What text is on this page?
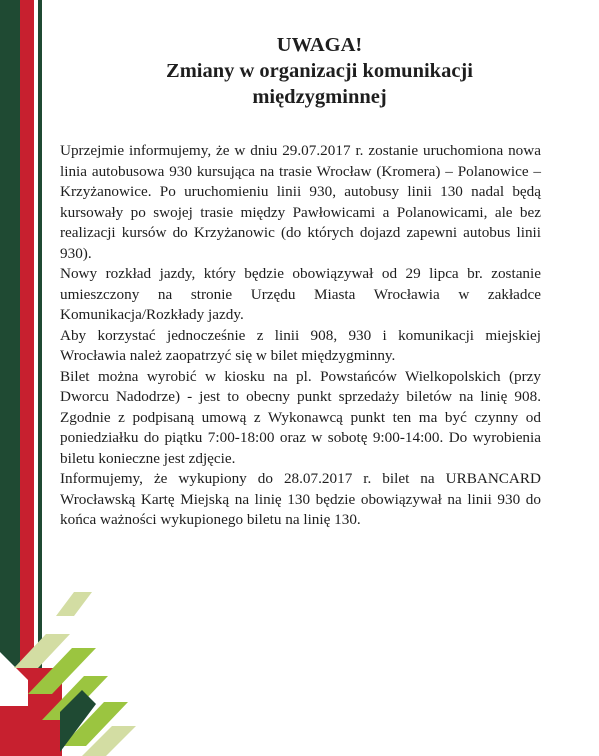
UWAGA!
Zmiany w organizacji komunikacji
międzygminnej

Uprzejmie informujemy, że w dniu 29.07.2017 r. zostanie uruchomiona nowa linia autobusowa 930 kursująca na trasie Wrocław (Kromera) – Polanowice – Krzyżanowice. Po uruchomieniu linii 930, autobusy linii 130 nadal będą kursowały po swojej trasie między Pawłowicami a Polanowicami, ale bez realizacji kursów do Krzyżanowic (do których dojazd zapewni autobus linii 930).

Nowy rozkład jazdy, który będzie obowiązywał od 29 lipca br. zostanie umieszczony na stronie Urzędu Miasta Wrocławia w zakładce Komunikacja/Rozkłady jazdy.

Aby korzystać jednocześnie z linii 908, 930 i komunikacji miejskiej Wrocławia należ zaopatrzyć się w bilet międzygminny.

Bilet można wyrobić w kiosku na pl. Powstańców Wielkopolskich (przy Dworcu Nadodrze) - jest to obecny punkt sprzedaży biletów na linię 908. Zgodnie z podpisaną umową z Wykonawcą punkt ten ma być czynny od poniedziałku do piątku 7:00-18:00 oraz w sobotę 9:00-14:00. Do wyrobienia biletu konieczne jest zdjęcie.

Informujemy, że wykupiony do 28.07.2017 r. bilet na URBANCARD Wrocławską Kartę Miejską na linię 130 będzie obowiązywał na linii 930 do końca ważności wykupionego biletu na linię 130.
